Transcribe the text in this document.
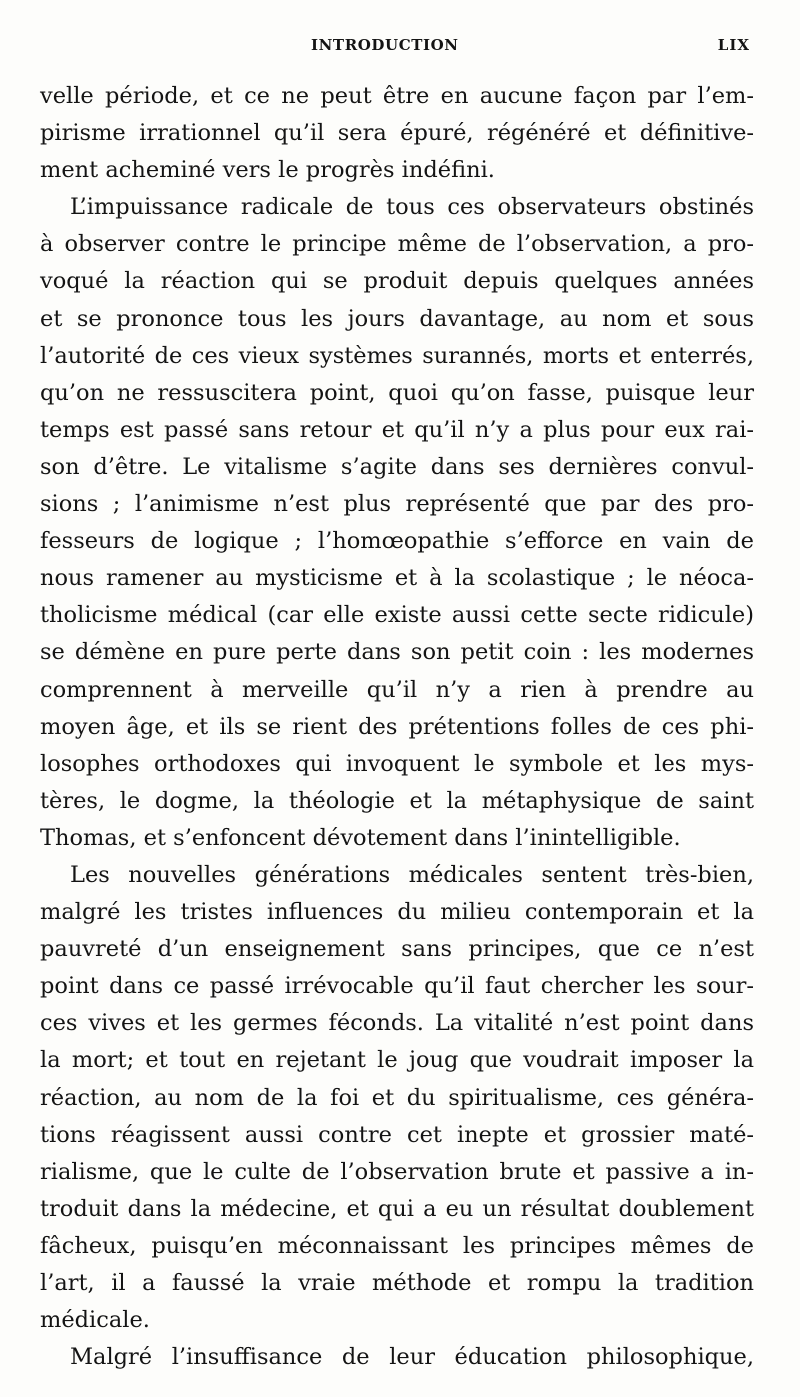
INTRODUCTION	LIX
velle période, et ce ne peut être en aucune façon par l’em-
pirisme irrationnel qu’il sera épuré, régénéré et définitive-
ment acheminé vers le progrès indéfini.
L’impuissance radicale de tous ces observateurs obstinés
à observer contre le principe même de l’observation, a pro-
voqué la réaction qui se produit depuis quelques années
et se prononce tous les jours davantage, au nom et sous
l’autorité de ces vieux systèmes surannés, morts et enterrés,
qu’on ne ressuscitera point, quoi qu’on fasse, puisque leur
temps est passé sans retour et qu’il n’y a plus pour eux rai-
son d’être. Le vitalisme s’agite dans ses dernières convul-
sions ; l’animisme n’est plus représenté que par des pro-
fesseurs de logique ; l’homœopathie s’efforce en vain de
nous ramener au mysticisme et à la scolastique ; le néoca-
tholicisme médical (car elle existe aussi cette secte ridicule)
se démène en pure perte dans son petit coin : les modernes
comprennent à merveille qu’il n’y a rien à prendre au
moyen âge, et ils se rient des prétentions folles de ces phi-
losophes orthodoxes qui invoquent le symbole et les mys-
tères, le dogme, la théologie et la métaphysique de saint
Thomas, et s’enfoncent dévotement dans l’inintelligible.
Les nouvelles générations médicales sentent très-bien,
malgré les tristes influences du milieu contemporain et la
pauvreté d’un enseignement sans principes, que ce n’est
point dans ce passé irrévocable qu’il faut chercher les sour-
ces vives et les germes féconds. La vitalité n’est point dans
la mort; et tout en rejetant le joug que voudrait imposer la
réaction, au nom de la foi et du spiritualisme, ces généra-
tions réagissent aussi contre cet inepte et grossier maté-
rialisme, que le culte de l’observation brute et passive a in-
troduit dans la médecine, et qui a eu un résultat doublement
fâcheux, puisqu’en méconnaissant les principes mêmes de
l’art, il a faussé la vraie méthode et rompu la tradition
médicale.
Malgré l’insuffisance de leur éducation philosophique,
